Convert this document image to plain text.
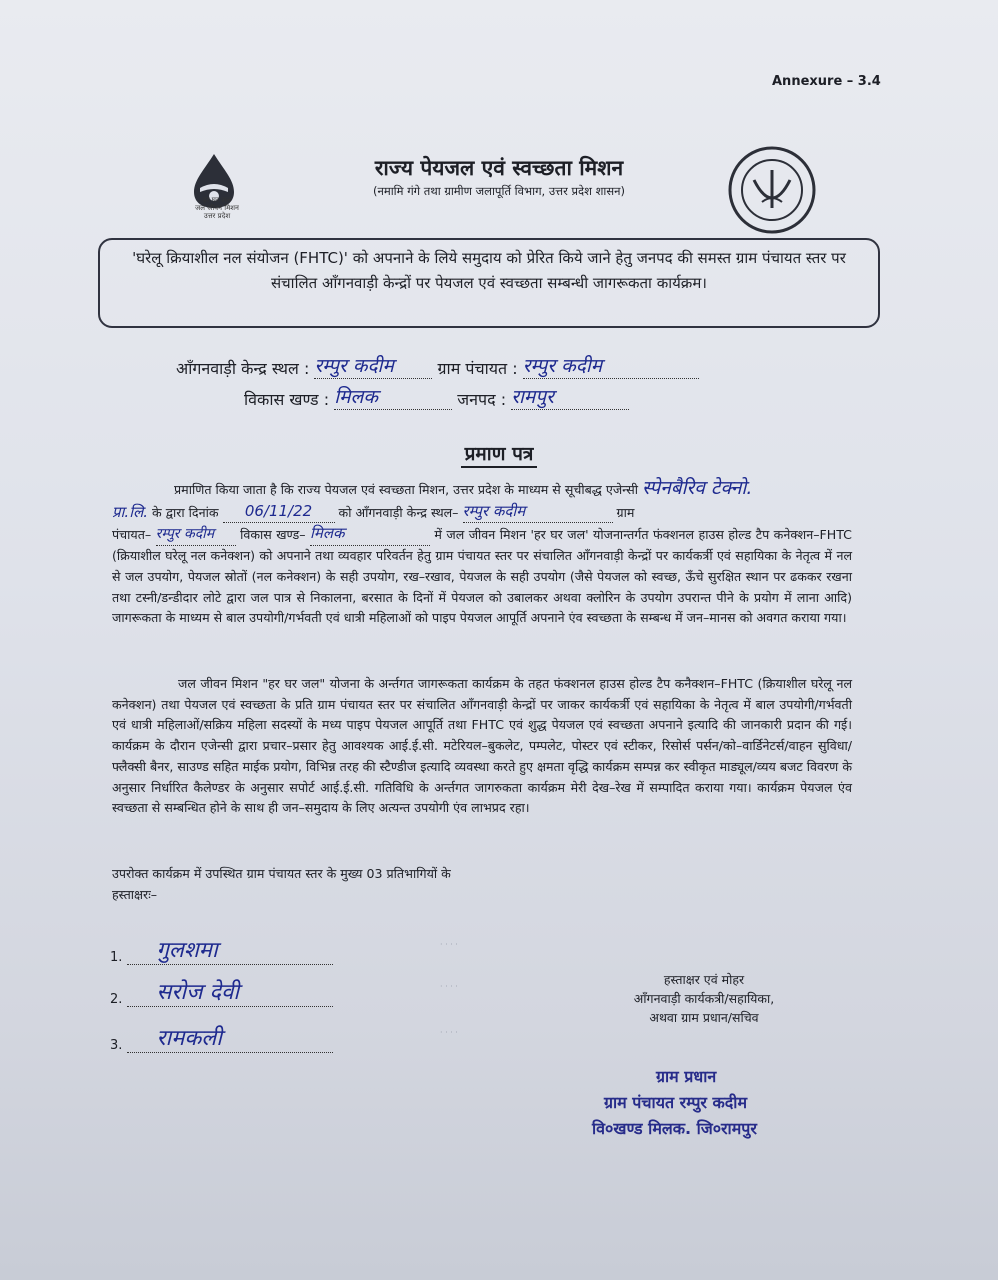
Annexure – 3.4
हर घर जल
जल जीवन मिशन
उत्तर प्रदेश
राज्य पेयजल एवं स्वच्छता मिशन
(नमामि गंगे तथा ग्रामीण जलापूर्ति विभाग, उत्तर प्रदेश शासन)
'घरेलू क्रियाशील नल संयोजन (FHTC)' को अपनाने के लिये समुदाय को प्रेरित किये जाने हेतु जनपद की समस्त ग्राम पंचायत स्तर पर संचालित आँगनवाड़ी केन्द्रों पर पेयजल एवं स्वच्छता सम्बन्धी जागरूकता कार्यक्रम।
आँगनवाड़ी केन्द्र स्थल : रम्पुर कदीम	ग्राम पंचायत : रम्पुर कदीम
विकास खण्ड : मिलक	जनपद : रामपुर
प्रमाण पत्र
प्रमाणित किया जाता है कि राज्य पेयजल एवं स्वच्छता मिशन, उत्तर प्रदेश के माध्यम से सूचीबद्ध एजेन्सी स्पेनबैरिव टेक्नो.
प्रा.लि. के द्वारा दिनांक 06/11/22 को आँगनवाड़ी केन्द्र स्थल– रम्पुर कदीम	ग्राम
पंचायत– रम्पुर कदीम विकास खण्ड– मिलक	में जल जीवन मिशन 'हर घर जल' योजनान्तर्गत फंक्शनल हाउस होल्ड टैप कनेक्शन–FHTC (क्रियाशील घरेलू नल कनेक्शन) को अपनाने तथा व्यवहार परिवर्तन हेतु ग्राम पंचायत स्तर पर संचालित आँगनवाड़ी केन्द्रों पर कार्यकर्त्री एवं सहायिका के नेतृत्व में नल से जल उपयोग, पेयजल स्रोतों (नल कनेक्शन) के सही उपयोग, रख–रखाव, पेयजल के सही उपयोग (जैसे पेयजल को स्वच्छ, ऊँचे सुरक्षित स्थान पर ढककर रखना तथा टस्नी/डन्डीदार लोटे द्वारा जल पात्र से निकालना, बरसात के दिनों में पेयजल को उबालकर अथवा क्लोरिन के उपयोग उपरान्त पीने के प्रयोग में लाना आदि) जागरूकता के माध्यम से बाल उपयोगी/गर्भवती एवं धात्री महिलाओं को पाइप पेयजल आपूर्ति अपनाने एंव स्वच्छता के सम्बन्ध में जन–मानस को अवगत कराया गया।
जल जीवन मिशन "हर घर जल" योजना के अर्न्तगत जागरूकता कार्यक्रम के तहत फंक्शनल हाउस होल्ड टैप कनैक्शन–FHTC (क्रियाशील घरेलू नल कनेक्शन) तथा पेयजल एवं स्वच्छता के प्रति ग्राम पंचायत स्तर पर संचालित आँगनवाड़ी केन्द्रों पर जाकर कार्यकर्त्री एवं सहायिका के नेतृत्व में बाल उपयोगी/गर्भवती एवं धात्री महिलाओं/सक्रिय महिला सदस्यों के मध्य पाइप पेयजल आपूर्ति तथा FHTC एवं शुद्ध पेयजल एवं स्वच्छता अपनाने इत्यादि की जानकारी प्रदान की गई। कार्यक्रम के दौरान एजेन्सी द्वारा प्रचार–प्रसार हेतु आवश्यक आई.ई.सी. मटेरियल–बुकलेट, पम्पलेट, पोस्टर एवं स्टीकर, रिसोर्स पर्सन/को–वार्डिनेटर्स/वाहन सुविधा/फ्लैक्सी बैनर, साउण्ड सहित माईक प्रयोग, विभिन्न तरह की स्टैण्डीज इत्यादि व्यवस्था करते हुए क्षमता वृद्धि कार्यक्रम सम्पन्न कर स्वीकृत माड्यूल/व्यय बजट विवरण के अनुसार निर्धारित कैलेण्डर के अनुसार सपोर्ट आई.ई.सी. गतिविधि के अर्न्तगत जागरुकता कार्यक्रम मेरी देख–रेख में सम्पादित कराया गया। कार्यक्रम पेयजल एंव स्वच्छता से सम्बन्धित होने के साथ ही जन–समुदाय के लिए अत्यन्त उपयोगी एंव लाभप्रद रहा।
उपरोक्त कार्यक्रम में उपस्थित ग्राम पंचायत स्तर के मुख्य 03 प्रतिभागियों के
हस्ताक्षरः–
1. गुलशमा
2. सरोज देवी
3. रामकली
· · · ·
· · · ·
· · · ·
हस्ताक्षर एवं मोहर
आँगनवाड़ी कार्यकत्री/सहायिका,
अथवा ग्राम प्रधान/सचिव
ग्राम प्रधान
ग्राम पंचायत रम्पुर कदीम
वि०खण्ड मिलक. जि०रामपुर
